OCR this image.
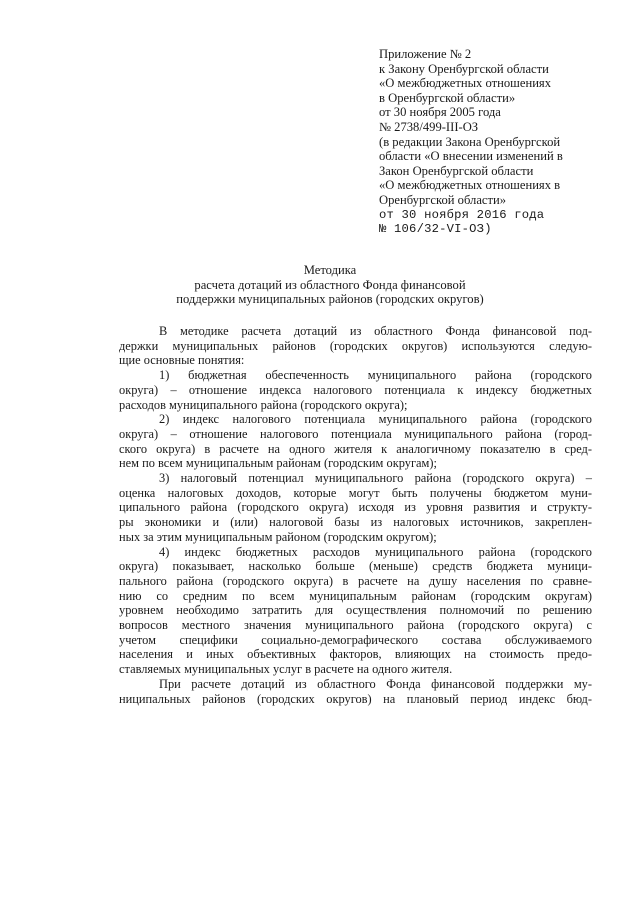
Приложение № 2
к Закону Оренбургской области
«О межбюджетных отношениях
в Оренбургской области»
от 30 ноября 2005 года
№ 2738/499-III-ОЗ
(в редакции Закона Оренбургской
области «О внесении изменений в
Закон Оренбургской области
«О межбюджетных отношениях в
Оренбургской области»
от 30 ноября 2016 года
№ 106/32-VI-ОЗ)
Методика
расчета дотаций из областного Фонда финансовой
поддержки муниципальных районов (городских округов)
В методике расчета дотаций из областного Фонда финансовой под-
держки муниципальных районов (городских округов) используются следую-
щие основные понятия:
1) бюджетная обеспеченность муниципального района (городского
округа) – отношение индекса налогового потенциала к индексу бюджетных
расходов муниципального района (городского округа);
2) индекс налогового потенциала муниципального района (городского
округа) – отношение налогового потенциала муниципального района (город-
ского округа) в расчете на одного жителя к аналогичному показателю в сред-
нем по всем муниципальным районам (городским округам);
3) налоговый потенциал муниципального района (городского округа) –
оценка налоговых доходов, которые могут быть получены бюджетом муни-
ципального района (городского округа) исходя из уровня развития и структу-
ры экономики и (или) налоговой базы из налоговых источников, закреплен-
ных за этим муниципальным районом (городским округом);
4) индекс бюджетных расходов муниципального района (городского
округа) показывает, насколько больше (меньше) средств бюджета муници-
пального района (городского округа) в расчете на душу населения по сравне-
нию со средним по всем муниципальным районам (городским округам)
уровнем необходимо затратить для осуществления полномочий по решению
вопросов местного значения муниципального района (городского округа) с
учетом специфики социально-демографического состава обслуживаемого
населения и иных объективных факторов, влияющих на стоимость предо-
ставляемых муниципальных услуг в расчете на одного жителя.
При расчете дотаций из областного Фонда финансовой поддержки му-
ниципальных районов (городских округов) на плановый период индекс бюд-
